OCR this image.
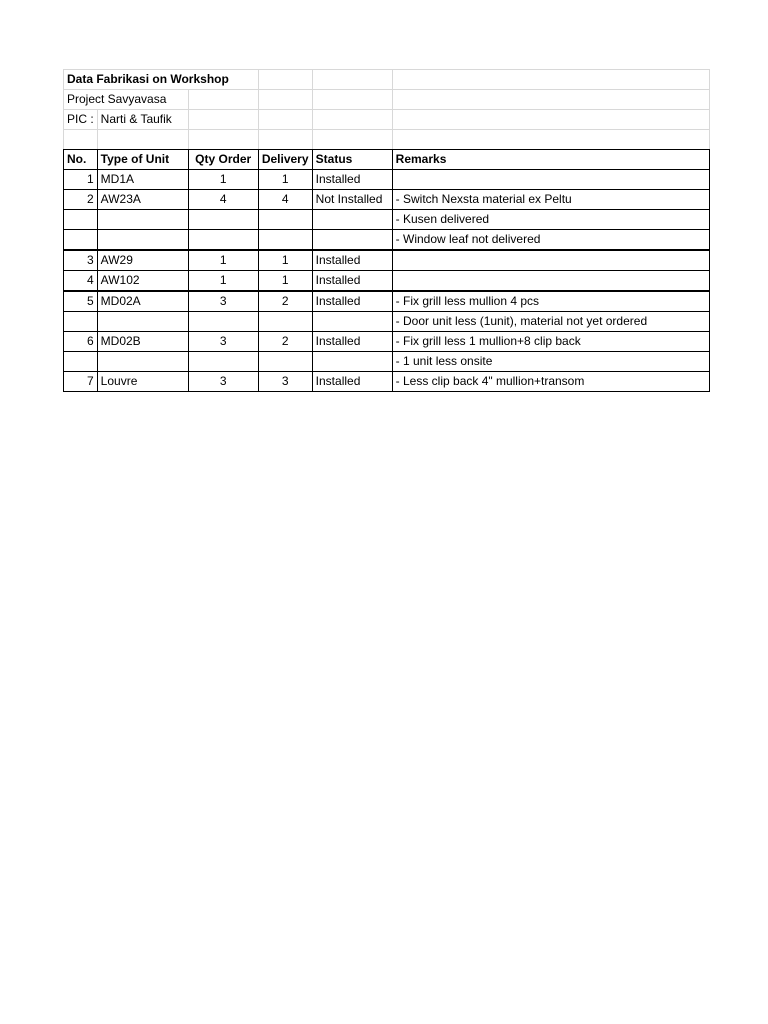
Data Fabrikasi on Workshop					
Project Savyavasa					
PIC :	Narti & Taufik				

No.	Type of Unit	Qty Order	Delivery	Status	Remarks
1	MD1A	1	1	Installed	
2	AW23A	4	4	Not Installed	- Switch Nexsta material ex Peltu
					- Kusen delivered
					- Window leaf not delivered
3	AW29	1	1	Installed	
4	AW102	1	1	Installed	
5	MD02A	3	2	Installed	- Fix grill less mullion 4 pcs
					- Door unit less (1unit), material not yet ordered
6	MD02B	3	2	Installed	- Fix grill less 1 mullion+8 clip back
					- 1 unit less onsite
7	Louvre	3	3	Installed	- Less clip back 4" mullion+transom
